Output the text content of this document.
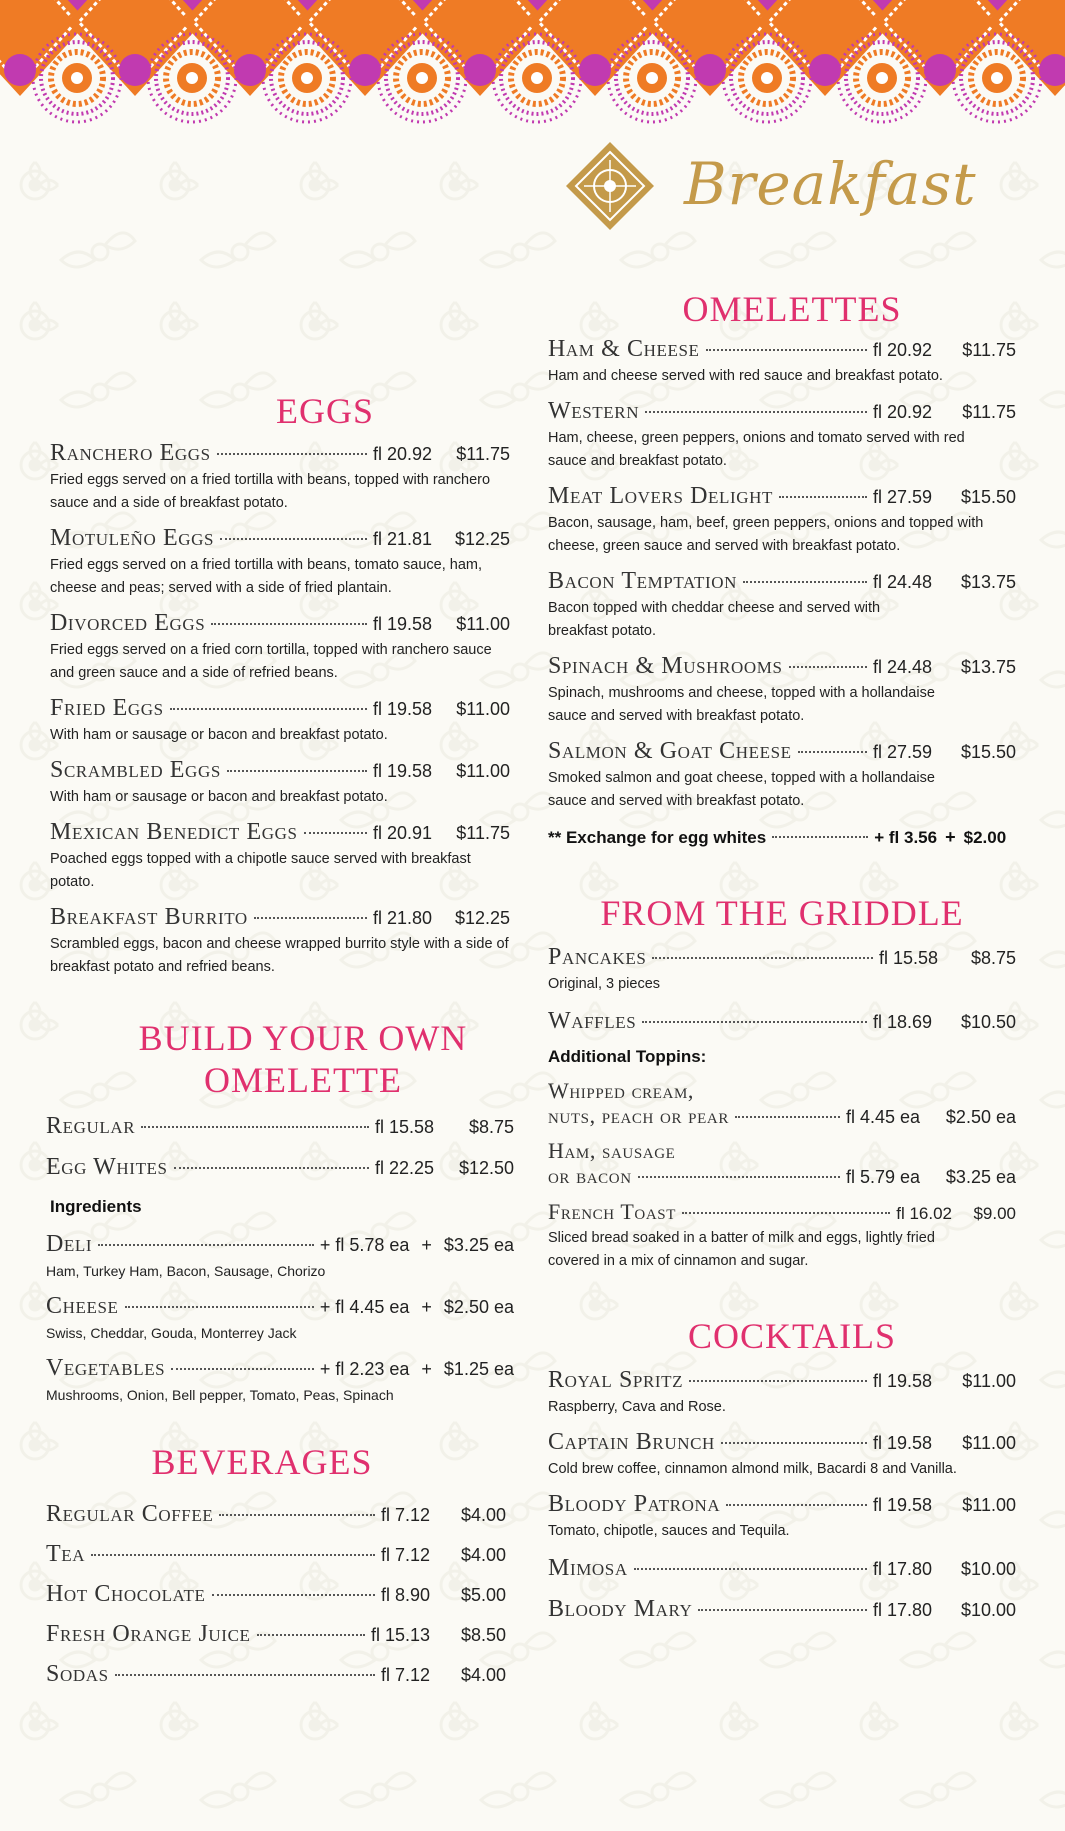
Breakfast
EGGS
Ranchero Eggs	fl 20.92	$11.75
Fried eggs served on a fried tortilla with beans, topped with ranchero sauce and a side of breakfast potato.
Motuleño Eggs	fl 21.81	$12.25
Fried eggs served on a fried tortilla with beans, tomato sauce, ham, cheese and peas; served with a side of fried plantain.
Divorced Eggs	fl 19.58	$11.00
Fried eggs served on a fried corn tortilla, topped with ranchero sauce and green sauce and a side of refried beans.
Fried Eggs	fl 19.58	$11.00
With ham or sausage or bacon and breakfast potato.
Scrambled Eggs	fl 19.58	$11.00
With ham or sausage or bacon and breakfast potato.
Mexican Benedict Eggs	fl 20.91	$11.75
Poached eggs topped with a chipotle sauce served with breakfast potato.
Breakfast Burrito	fl 21.80	$12.25
Scrambled eggs, bacon and cheese wrapped burrito style with a side of breakfast potato and refried beans.
BUILD YOUR OWN
OMELETTE
Regular	fl 15.58	$8.75
Egg Whites	fl 22.25	$12.50
Ingredients
Deli	+ fl 5.78 ea + $3.25 ea
Ham, Turkey Ham, Bacon, Sausage, Chorizo
Cheese	+ fl 4.45 ea + $2.50 ea
Swiss, Cheddar, Gouda, Monterrey Jack
Vegetables	+ fl 2.23 ea + $1.25 ea
Mushrooms, Onion, Bell pepper, Tomato, Peas, Spinach
BEVERAGES
Regular Coffee	fl 7.12	$4.00
Tea	fl 7.12	$4.00
Hot Chocolate	fl 8.90	$5.00
Fresh Orange Juice	fl 15.13	$8.50
Sodas	fl 7.12	$4.00
OMELETTES
Ham & Cheese	fl 20.92	$11.75
Ham and cheese served with red sauce and breakfast potato.
Western	fl 20.92	$11.75
Ham, cheese, green peppers, onions and tomato served with red sauce and breakfast potato.
Meat Lovers Delight	fl 27.59	$15.50
Bacon, sausage, ham, beef, green peppers, onions and topped with cheese, green sauce and served with breakfast potato.
Bacon Temptation	fl 24.48	$13.75
Bacon topped with cheddar cheese and served with breakfast potato.
Spinach & Mushrooms	fl 24.48	$13.75
Spinach, mushrooms and cheese, topped with a hollandaise sauce and served with breakfast potato.
Salmon & Goat Cheese	fl 27.59	$15.50
Smoked salmon and goat cheese, topped with a hollandaise sauce and served with breakfast potato.
** Exchange for egg whites	+ fl 3.56 + $2.00
FROM THE GRIDDLE
Pancakes	fl 15.58	$8.75
Original, 3 pieces
Waffles	fl 18.69	$10.50
Additional Toppins:
Whipped cream,
nuts, peach or pear	fl 4.45 ea	$2.50 ea
Ham, sausage
or bacon	fl 5.79 ea	$3.25 ea
French Toast	fl 16.02	$9.00
Sliced bread soaked in a batter of milk and eggs, lightly fried covered in a mix of cinnamon and sugar.
COCKTAILS
Royal Spritz	fl 19.58	$11.00
Raspberry, Cava and Rose.
Captain Brunch	fl 19.58	$11.00
Cold brew coffee, cinnamon almond milk, Bacardi 8 and Vanilla.
Bloody Patrona	fl 19.58	$11.00
Tomato, chipotle, sauces and Tequila.
Mimosa	fl 17.80	$10.00
Bloody Mary	fl 17.80	$10.00
